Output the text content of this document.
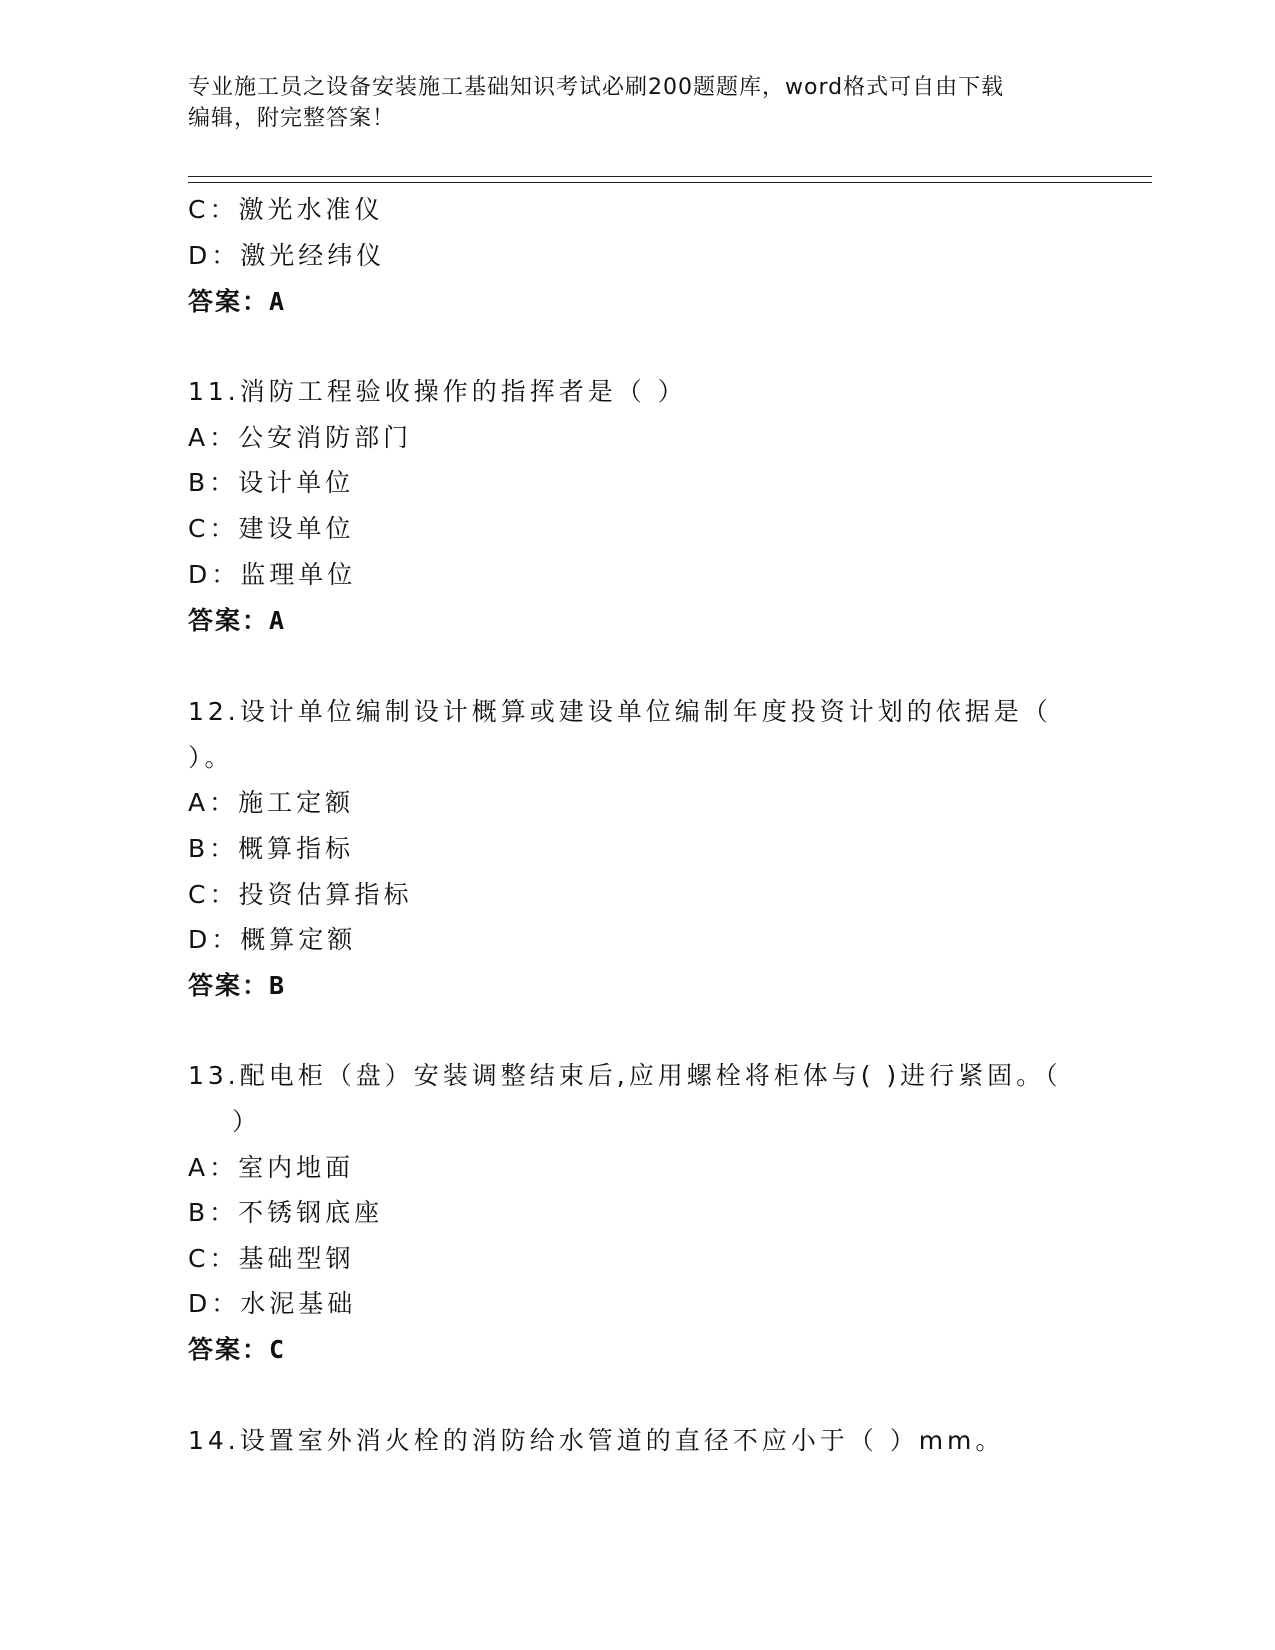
专业施工员之设备安装施工基础知识考试必刷200题题库，word格式可自由下载
编辑，附完整答案！
C：激光水准仪
D：激光经纬仪
答案：A
11.消防工程验收操作的指挥者是（ ）
A：公安消防部门
B：设计单位
C：建设单位
D：监理单位
答案：A
12.设计单位编制设计概算或建设单位编制年度投资计划的依据是（
）。
A：施工定额
B：概算指标
C：投资估算指标
D：概算定额
答案：B
13.配电柜（盘）安装调整结束后,应用螺栓将柜体与( )进行紧固。（
）
A：室内地面
B：不锈钢底座
C：基础型钢
D：水泥基础
答案：C
14.设置室外消火栓的消防给水管道的直径不应小于（ ）mm。
